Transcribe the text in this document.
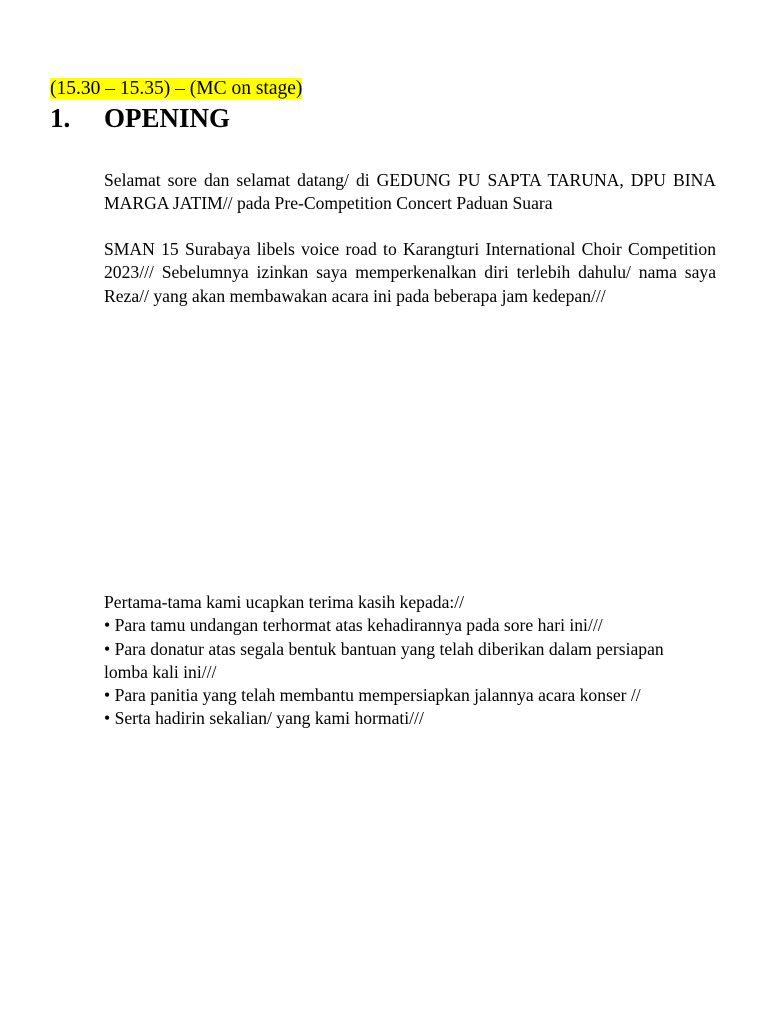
(15.30 – 15.35) – (MC on stage)
1. OPENING

Selamat sore dan selamat datang/ di GEDUNG PU SAPTA TARUNA, DPU BINA MARGA JATIM// pada Pre-Competition Concert Paduan Suara

SMAN 15 Surabaya libels voice road to Karangturi International Choir Competition 2023/// Sebelumnya izinkan saya memperkenalkan diri terlebih dahulu/ nama saya Reza// yang akan membawakan acara ini pada beberapa jam kedepan///

Pertama-tama kami ucapkan terima kasih kepada://

• Para tamu undangan terhormat atas kehadirannya pada sore hari ini///
• Para donatur atas segala bentuk bantuan yang telah diberikan dalam persiapan lomba kali ini///
• Para panitia yang telah membantu mempersiapkan jalannya acara konser //
• Serta hadirin sekalian/ yang kami hormati///
